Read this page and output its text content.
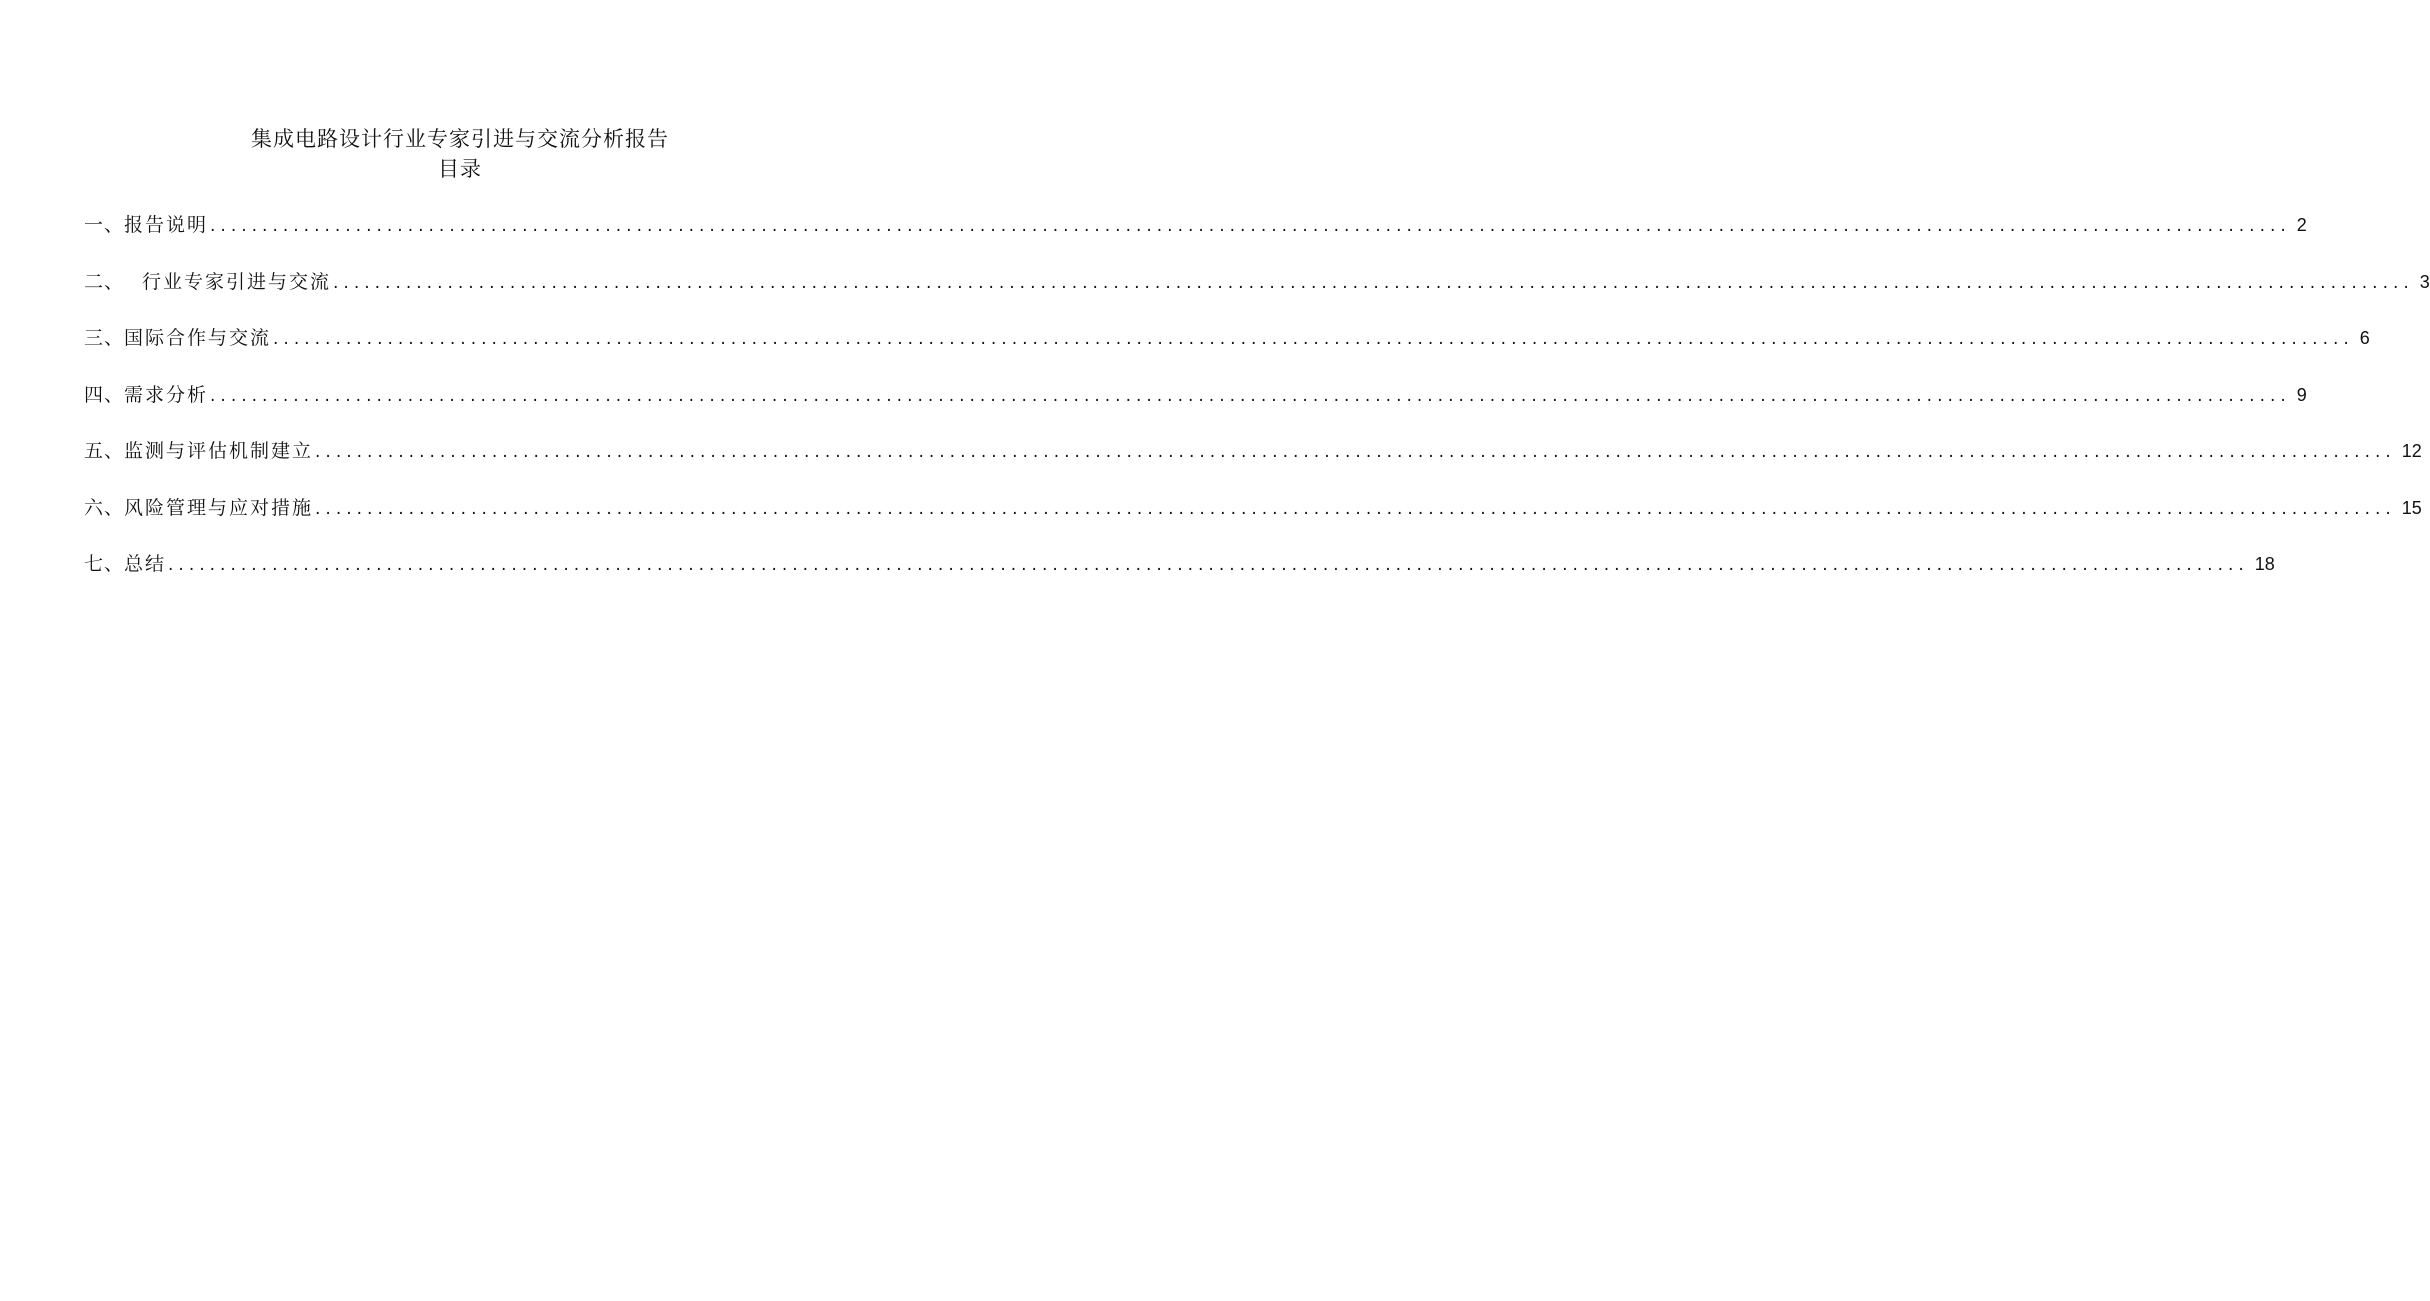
集成电路设计行业专家引进与交流分析报告
目录
一、 报告说明 ........................................................................................................................................................................................................ 2
二、 行业专家引进与交流 ........................................................................................................................................................................................................ 3
三、 国际合作与交流 ........................................................................................................................................................................................................ 6
四、 需求分析 ........................................................................................................................................................................................................ 9
五、 监测与评估机制建立 ........................................................................................................................................................................................................ 12
六、 风险管理与应对措施 ........................................................................................................................................................................................................ 15
七、 总结 ........................................................................................................................................................................................................ 18
